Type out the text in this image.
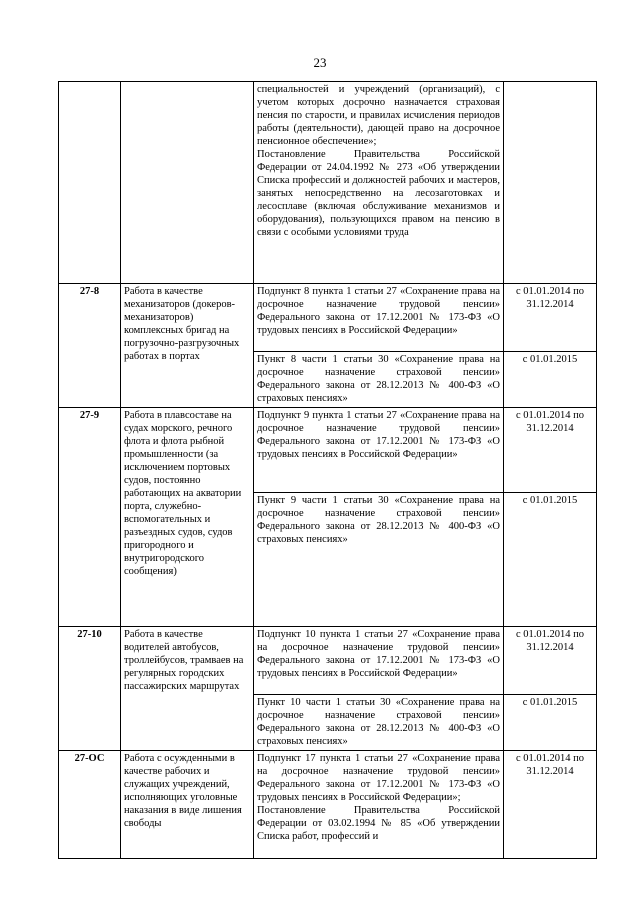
23

		специальностей и учреждений (организаций), с учетом которых досрочно назначается страховая пенсия по старости, и правилах исчисления периодов работы (деятельности), дающей право на досрочное пенсионное обеспечение»;
Постановление Правительства Российской Федерации от 24.04.1992 № 273 «Об утверждении Списка профессий и должностей рабочих и мастеров, занятых непосредственно на лесозаготовках и лесосплаве (включая обслуживание механизмов и оборудования), пользующихся правом на пенсию в связи с особыми условиями труда	

27-8	Работа в качестве механизаторов (докеров-механизаторов) комплексных бригад на погрузочно-разгрузочных работах в портах	Подпункт 8 пункта 1 статьи 27 «Сохранение права на досрочное назначение трудовой пенсии» Федерального закона от 17.12.2001 № 173-ФЗ «О трудовых пенсиях в Российской Федерации»	с 01.01.2014 по 31.12.2014
		Пункт 8 части 1 статьи 30 «Сохранение права на досрочное назначение страховой пенсии» Федерального закона от 28.12.2013 № 400-ФЗ «О страховых пенсиях»	с 01.01.2015
27-9	Работа в плавсоставе на судах морского, речного флота и флота рыбной промышленности (за исключением портовых судов, постоянно работающих на акватории порта, служебно-вспомогательных и разъездных судов, судов пригородного и внутригородского сообщения)	Подпункт 9 пункта 1 статьи 27 «Сохранение права на досрочное назначение трудовой пенсии» Федерального закона от 17.12.2001 № 173-ФЗ «О трудовых пенсиях в Российской Федерации»	с 01.01.2014 по 31.12.2014
		Пункт 9 части 1 статьи 30 «Сохранение права на досрочное назначение страховой пенсии» Федерального закона от 28.12.2013 № 400-ФЗ «О страховых пенсиях»	с 01.01.2015
27-10	Работа в качестве водителей автобусов, троллейбусов, трамваев на регулярных городских пассажирских маршрутах	Подпункт 10 пункта 1 статьи 27 «Сохранение права на досрочное назначение трудовой пенсии» Федерального закона от 17.12.2001 № 173-ФЗ «О трудовых пенсиях в Российской Федерации»	с 01.01.2014 по 31.12.2014
		Пункт 10 части 1 статьи 30 «Сохранение права на досрочное назначение страховой пенсии» Федерального закона от 28.12.2013 № 400-ФЗ «О страховых пенсиях»	с 01.01.2015
27-ОС	Работа с осужденными в качестве рабочих и служащих учреждений, исполняющих уголовные наказания в виде лишения свободы	Подпункт 17 пункта 1 статьи 27 «Сохранение права на досрочное назначение трудовой пенсии» Федерального закона от 17.12.2001 № 173-ФЗ «О трудовых пенсиях в Российской Федерации»;
Постановление Правительства Российской Федерации от 03.02.1994 № 85 «Об утверждении Списка работ, профессий и	с 01.01.2014 по 31.12.2014
